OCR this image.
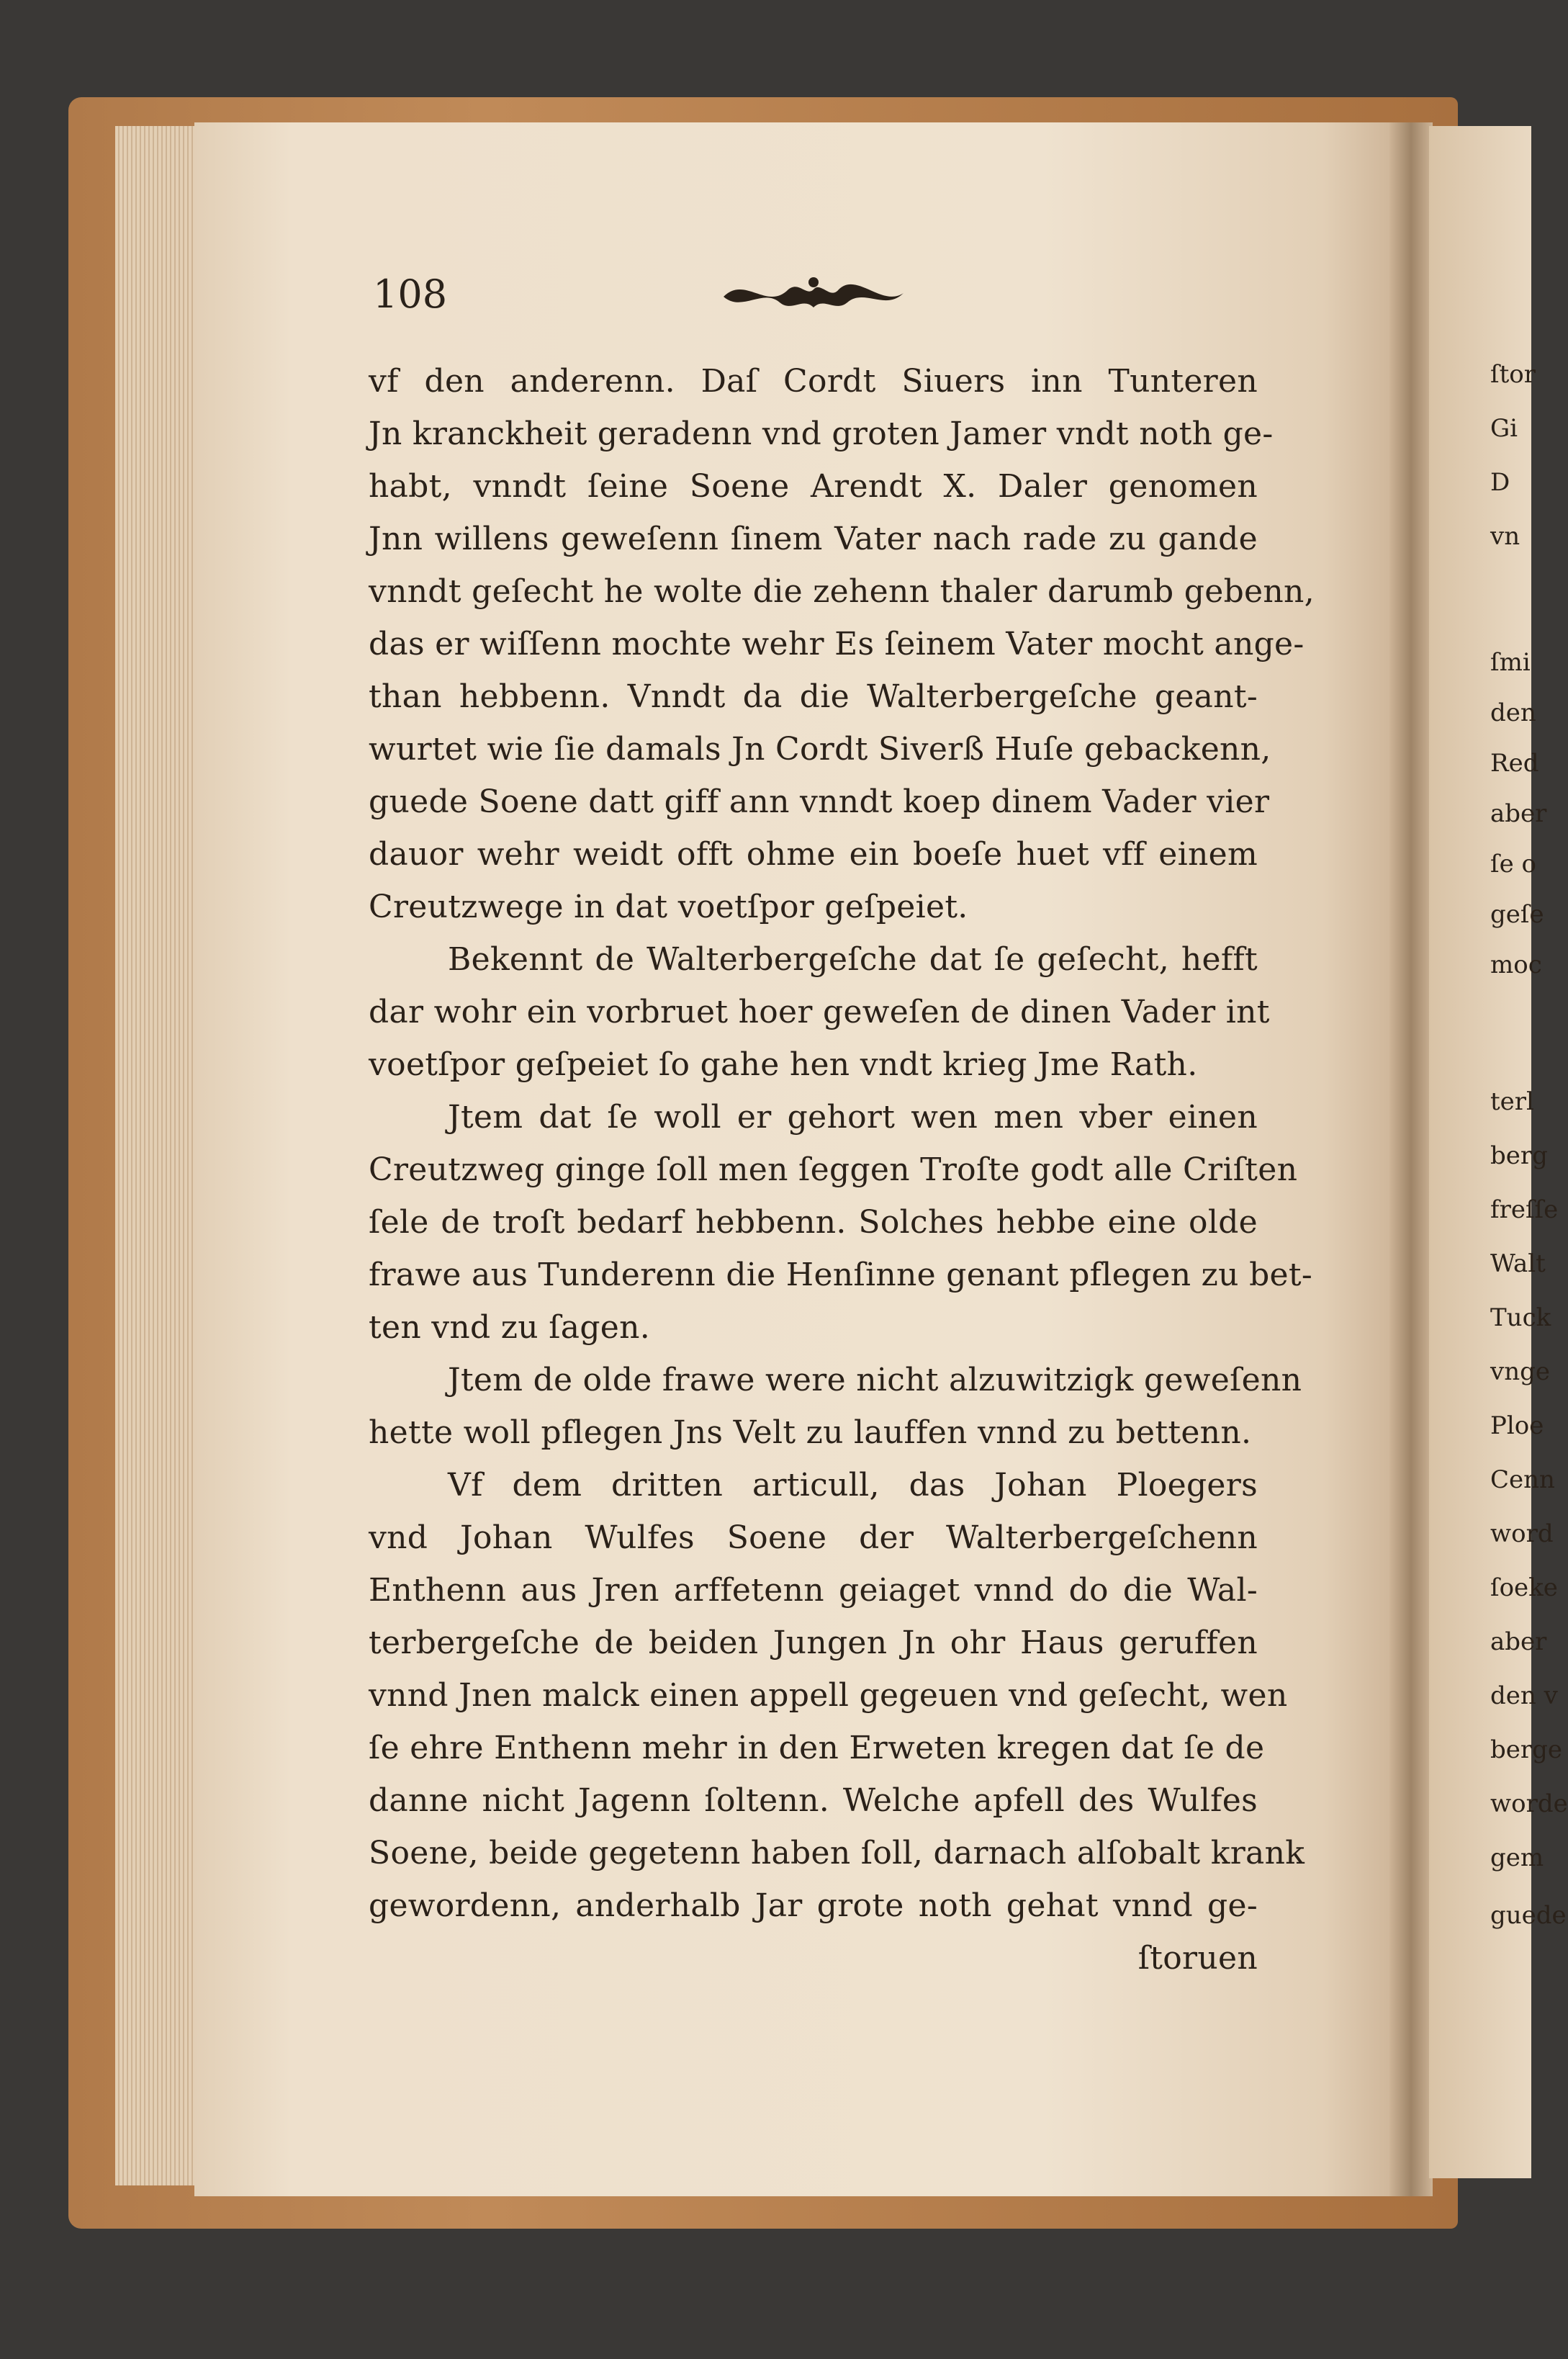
108
vf den anderenn. Daſ Cordt Siuers inn Tunteren
Jn kranckheit geradenn vnd groten Jamer vndt noth ge-
habt, vnndt ſeine Soene Arendt X. Daler genomen
Jnn willens geweſenn ſinem Vater nach rade zu gande
vnndt geſecht he wolte die zehenn thaler darumb gebenn,
das er wiſſenn mochte wehr Es ſeinem Vater mocht ange-
than hebbenn. Vnndt da die Walterbergeſche geant-
wurtet wie ſie damals Jn Cordt Siverß Huſe gebackenn,
guede Soene datt giff ann vnndt koep dinem Vader vier
dauor wehr weidt offt ohme ein boeſe huet vff einem
Creutzwege in dat voetſpor geſpeiet.
Bekennt de Walterbergeſche dat ſe geſecht, hefft
dar wohr ein vorbruet hoer geweſen de dinen Vader int
voetſpor geſpeiet ſo gahe hen vndt krieg Jme Rath.
Jtem dat ſe woll er gehort wen men vber einen
Creutzweg ginge ſoll men ſeggen Troſte godt alle Criſten
ſele de troſt bedarf hebbenn. Solches hebbe eine olde
frawe aus Tunderenn die Henſinne genant pflegen zu bet-
ten vnd zu ſagen.
Jtem de olde frawe were nicht alzuwitzigk geweſenn
hette woll pflegen Jns Velt zu lauffen vnnd zu bettenn.
Vf dem dritten articull, das Johan Ploegers
vnd Johan Wulfes Soene der Walterbergeſchenn
Enthenn aus Jren arffetenn geiaget vnnd do die Wal-
terbergeſche de beiden Jungen Jn ohr Haus geruffen
vnnd Jnen malck einen appell gegeuen vnd geſecht, wen
ſe ehre Enthenn mehr in den Erweten kregen dat ſe de
danne nicht Jagenn ſoltenn. Welche apfell des Wulfes
Soene, beide gegetenn haben ſoll, darnach alſobalt krank
gewordenn, anderhalb Jar grote noth gehat vnnd ge-
ſtoruen
ſtor
Gi
D
vn
ſmi
den
Red
aber
ſe o
geſe
moc
terl
berg
freſſe
Walt
Tuck
vnge
Ploe
Cenn
word
ſoeke
aber
den v
berge
worde
gem
guede
